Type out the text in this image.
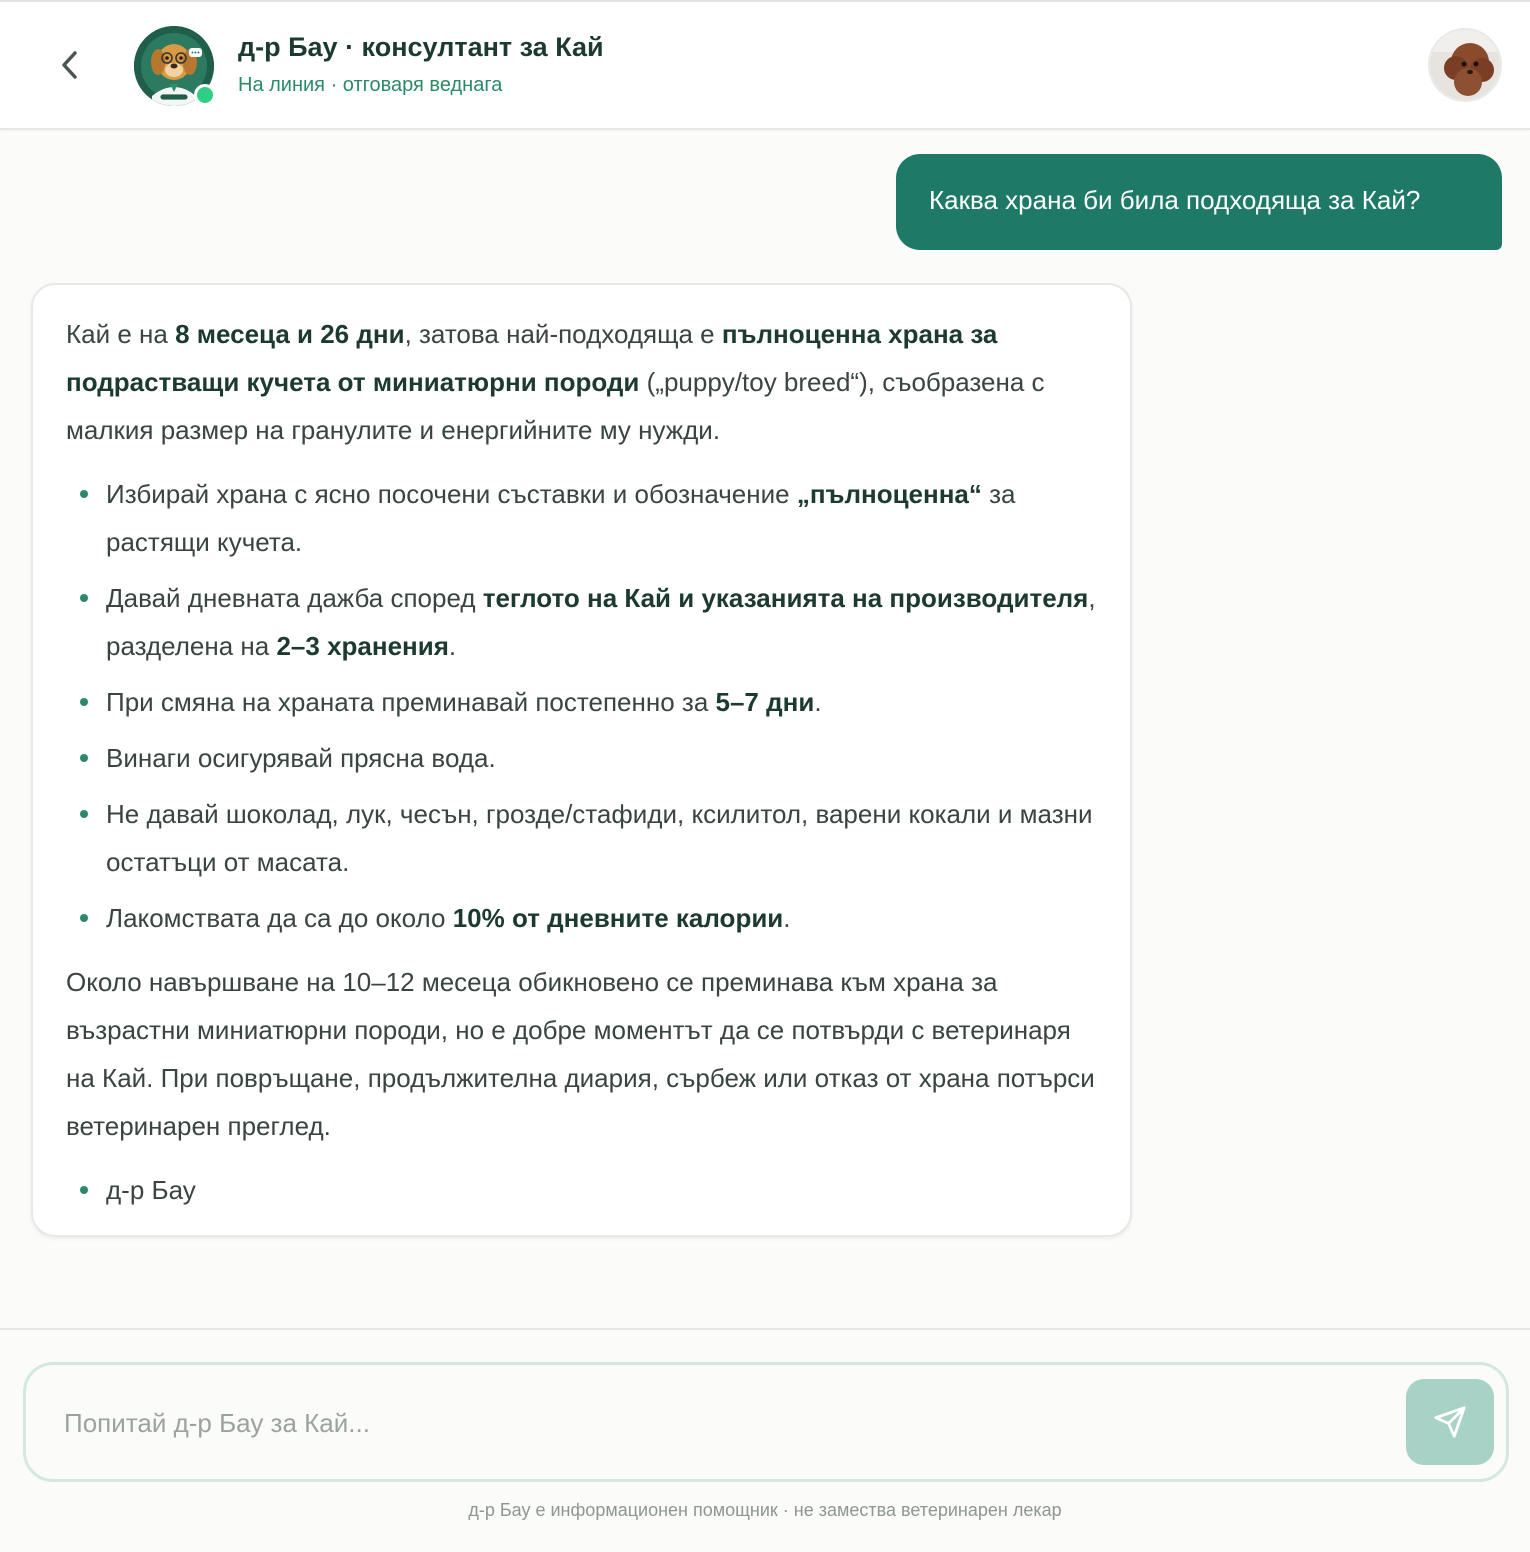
д-р Бау · консултант за Кай
На линия · отговаря веднага
Каква храна би била подходяща за Кай?
Кай е на 8 месеца и 26 дни, затова най-подходяща е пълноценна храна за подрастващи кучета от миниатюрни породи („puppy/toy breed“), съобразена с малкия размер на гранулите и енергийните му нужди.
Избирай храна с ясно посочени съставки и обозначение „пълноценна“ за растящи кучета.
Давай дневната дажба според теглото на Кай и указанията на производителя, разделена на 2–3 хранения.
При смяна на храната преминавай постепенно за 5–7 дни.
Винаги осигурявай прясна вода.
Не давай шоколад, лук, чесън, грозде/стафиди, ксилитол, варени кокали и мазни остатъци от масата.
Лакомствата да са до около 10% от дневните калории.
Около навършване на 10–12 месеца обикновено се преминава към храна за възрастни миниатюрни породи, но е добре моментът да се потвърди с ветеринаря на Кай. При повръщане, продължителна диария, сърбеж или отказ от храна потърси ветеринарен преглед.
д-р Бау
Попитай д-р Бау за Кай...
д-р Бау е информационен помощник · не замества ветеринарен лекар
